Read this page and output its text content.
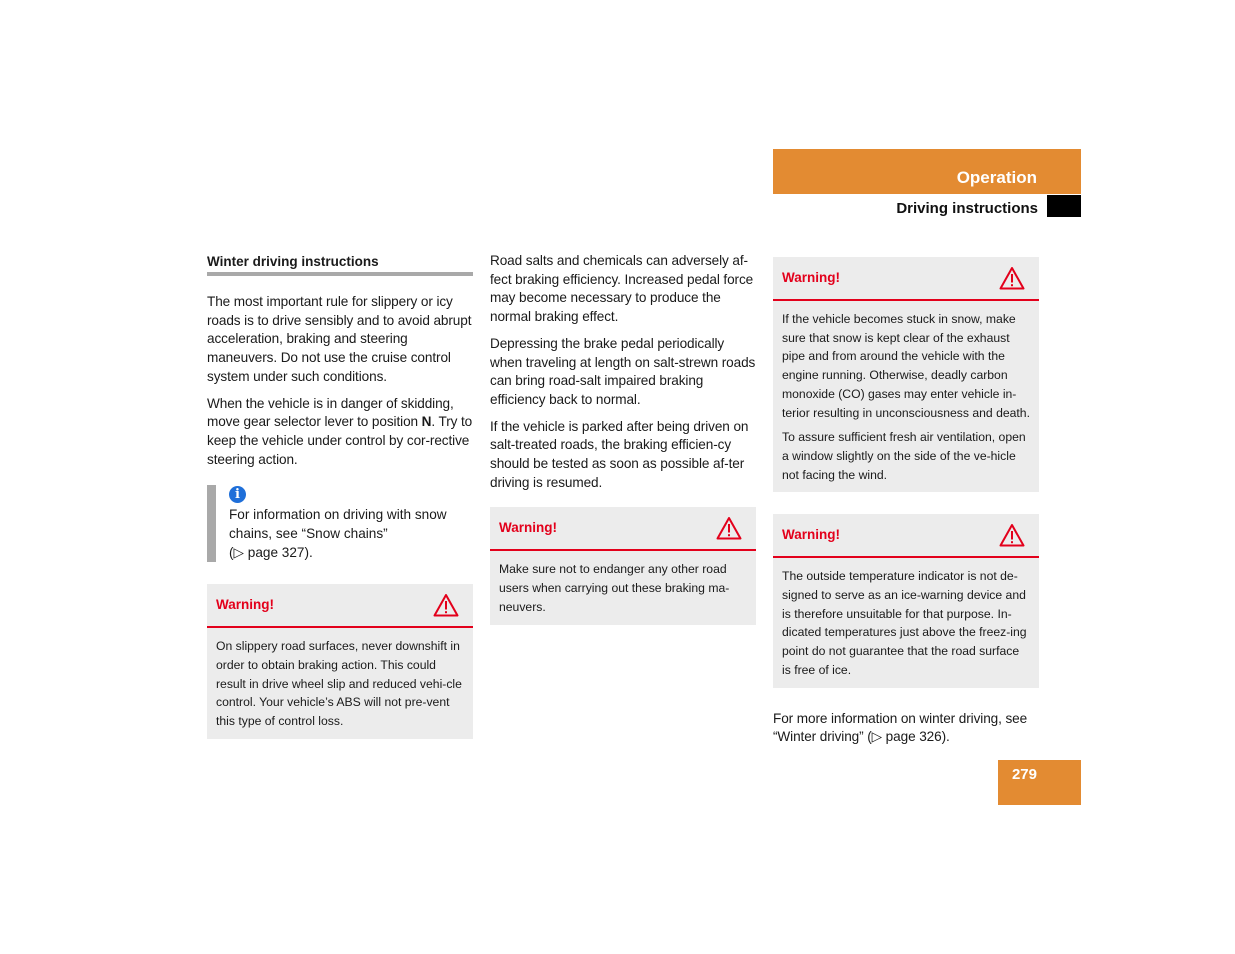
Operation
Driving instructions
Winter driving instructions

The most important rule for slippery or icy roads is to drive sensibly and to avoid abrupt acceleration, braking and steering maneuvers. Do not use the cruise control system under such conditions.

When the vehicle is in danger of skidding, move gear selector lever to position N. Try to keep the vehicle under control by cor-rective steering action.

i

For information on driving with snow chains, see “Snow chains”

(▷ page 327).

Warning!

On slippery road surfaces, never downshift in order to obtain braking action. This could result in drive wheel slip and reduced vehi-cle control. Your vehicle’s ABS will not pre-vent this type of control loss.

Road salts and chemicals can adversely af-fect braking efficiency. Increased pedal force may become necessary to produce the normal braking effect.

Depressing the brake pedal periodically when traveling at length on salt-strewn roads can bring road-salt impaired braking efficiency back to normal.

If the vehicle is parked after being driven on salt-treated roads, the braking efficien-cy should be tested as soon as possible af-ter driving is resumed.

Warning!

Make sure not to endanger any other road users when carrying out these braking ma-neuvers.

Warning!

If the vehicle becomes stuck in snow, make sure that snow is kept clear of the exhaust pipe and from around the vehicle with the engine running. Otherwise, deadly carbon monoxide (CO) gases may enter vehicle in-terior resulting in unconsciousness and death.

To assure sufficient fresh air ventilation, open a window slightly on the side of the ve-hicle not facing the wind.

Warning!

The outside temperature indicator is not de-signed to serve as an ice-warning device and is therefore unsuitable for that purpose. In-dicated temperatures just above the freez-ing point do not guarantee that the road surface is free of ice.

For more information on winter driving, see “Winter driving” (▷ page 326).

279
